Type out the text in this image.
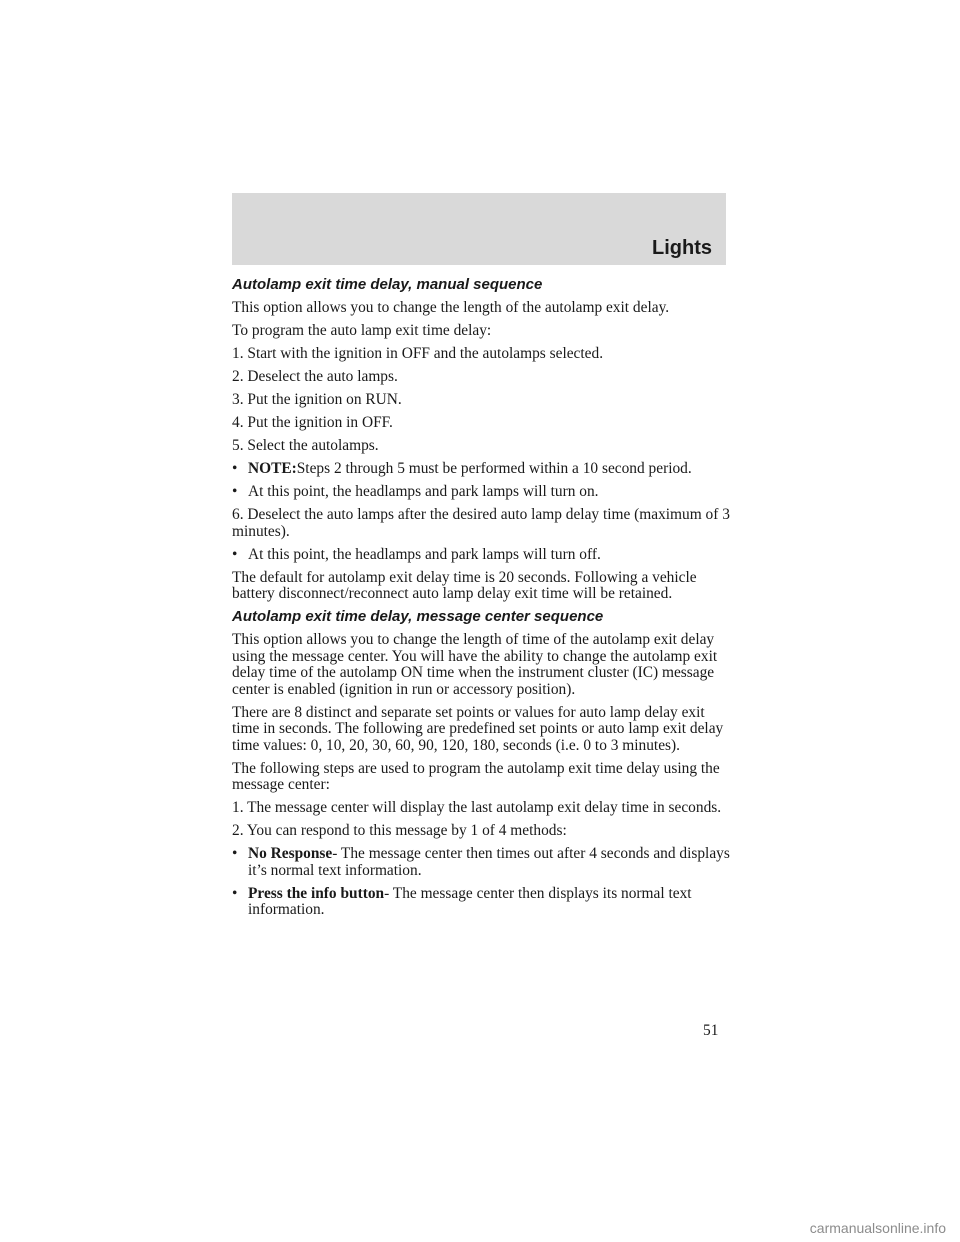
Lights
Autolamp exit time delay, manual sequence

This option allows you to change the length of the autolamp exit delay.

To program the auto lamp exit time delay:

1. Start with the ignition in OFF and the autolamps selected.

2. Deselect the auto lamps.

3. Put the ignition on RUN.

4. Put the ignition in OFF.

5. Select the autolamps.

• NOTE:Steps 2 through 5 must be performed within a 10 second period.
• At this point, the headlamps and park lamps will turn on.

6. Deselect the auto lamps after the desired auto lamp delay time (maximum of 3 minutes).

• At this point, the headlamps and park lamps will turn off.

The default for autolamp exit delay time is 20 seconds. Following a vehicle battery disconnect/reconnect auto lamp delay exit time will be retained.

Autolamp exit time delay, message center sequence

This option allows you to change the length of time of the autolamp exit delay using the message center. You will have the ability to change the autolamp exit delay time of the autolamp ON time when the instrument cluster (IC) message center is enabled (ignition in run or accessory position).

There are 8 distinct and separate set points or values for auto lamp delay exit time in seconds. The following are predefined set points or auto lamp exit delay time values: 0, 10, 20, 30, 60, 90, 120, 180, seconds (i.e. 0 to 3 minutes).

The following steps are used to program the autolamp exit time delay using the message center:

1. The message center will display the last autolamp exit delay time in seconds.

2. You can respond to this message by 1 of 4 methods:

• No Response- The message center then times out after 4 seconds and displays it’s normal text information.
• Press the info button- The message center then displays its normal text information.
51
carmanualsonline.info
